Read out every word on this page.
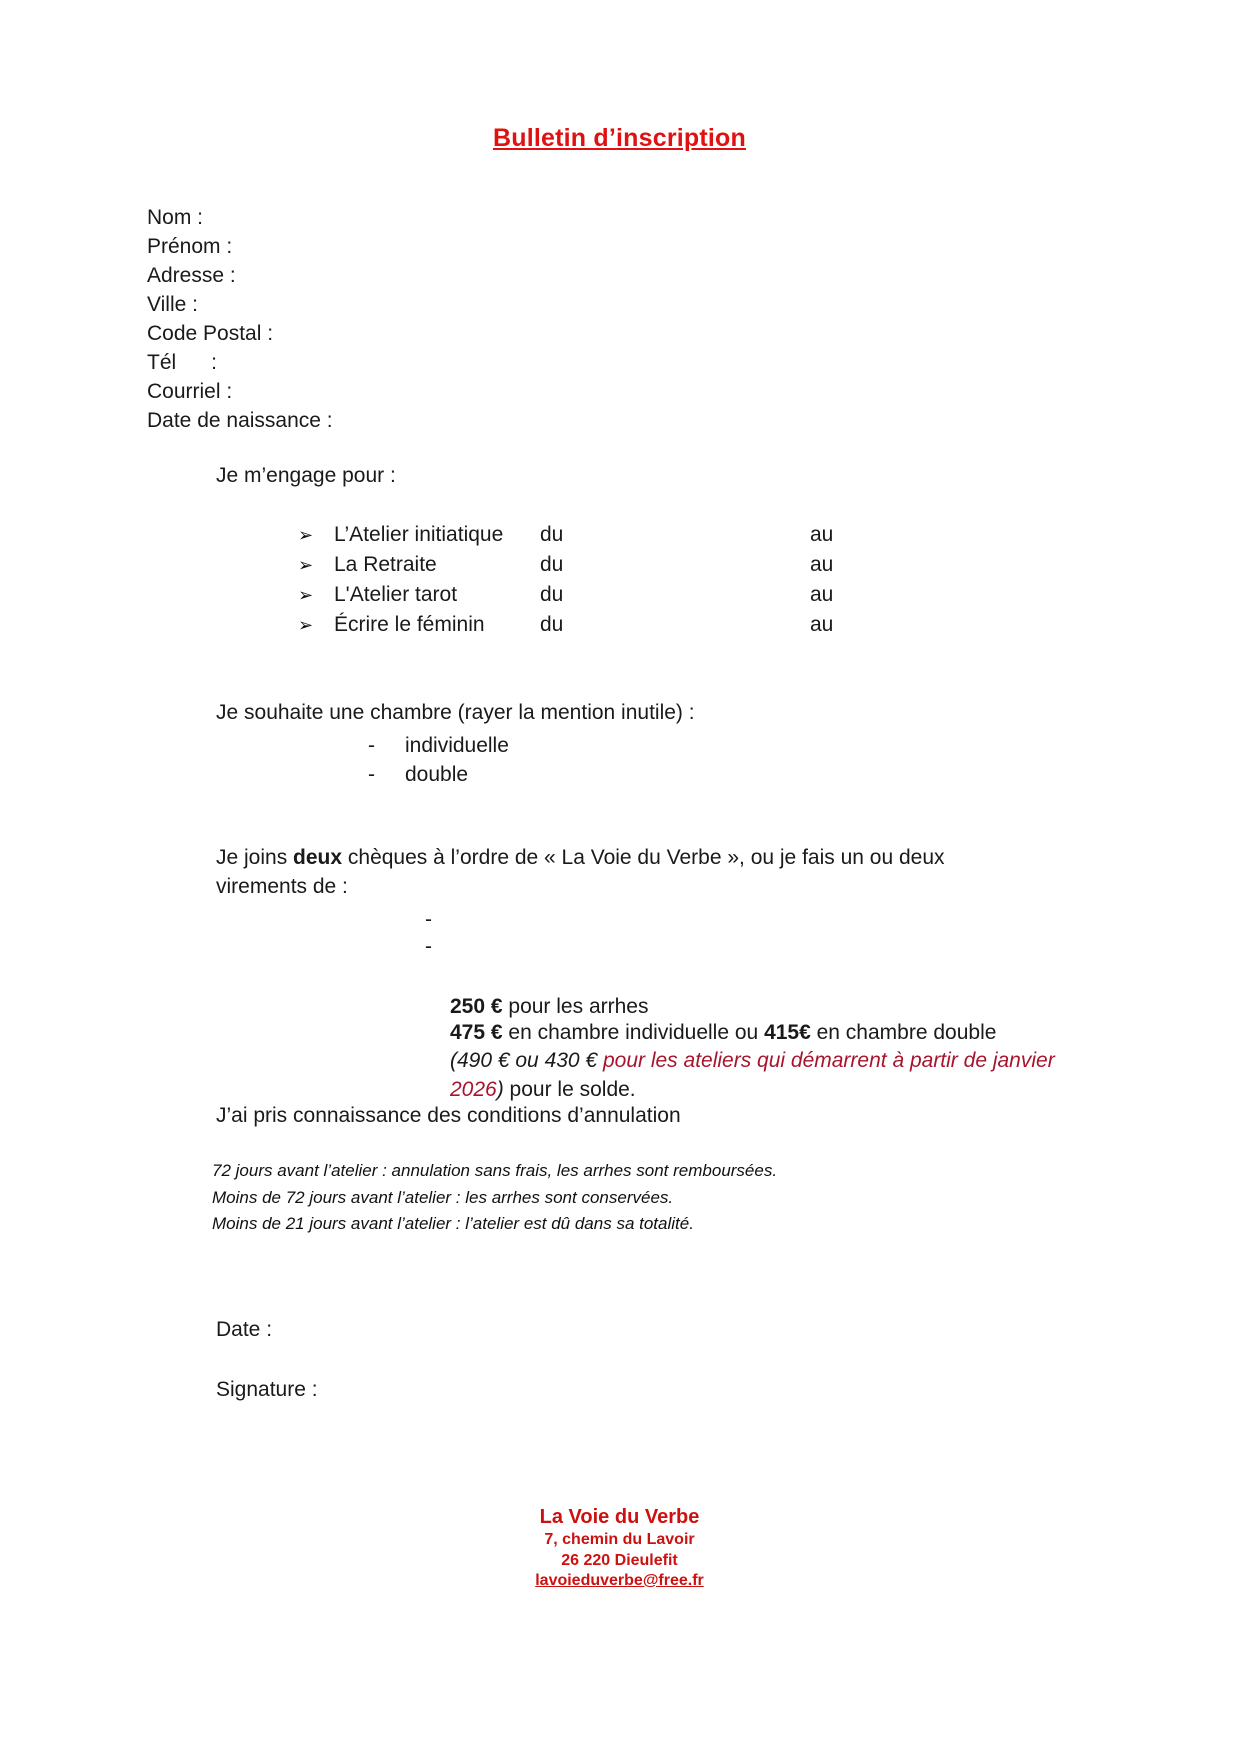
Bulletin d’inscription
Nom :
Prénom :
Adresse :
Ville :
Code Postal :
Tél      :
Courriel :
Date de naissance :
Je m’engage pour :
➢ L’Atelier initiatique du	au
➢ La Retraite	du	au
➢ L'Atelier tarot	du	au
➢ Écrire le féminin	du	au
Je souhaite une chambre (rayer la mention inutile) :
- individuelle
- double
Je joins deux chèques à l’ordre de « La Voie du Verbe », ou je fais un ou deux
virements de :

-

250 € pour les arrhes

-

475 € en chambre individuelle ou 415€ en chambre double
(490 € ou 430 € pour les ateliers qui démarrent à partir de janvier
2026) pour le solde.

J’ai pris connaissance des conditions d’annulation
72 jours avant l’atelier : annulation sans frais, les arrhes sont remboursées.
Moins de 72 jours avant l’atelier : les arrhes sont conservées.
Moins de 21 jours avant l’atelier : l’atelier est dû dans sa totalité.
Date :
Signature :
La Voie du Verbe
7, chemin du Lavoir
26 220 Dieulefit
lavoieduverbe@free.fr
